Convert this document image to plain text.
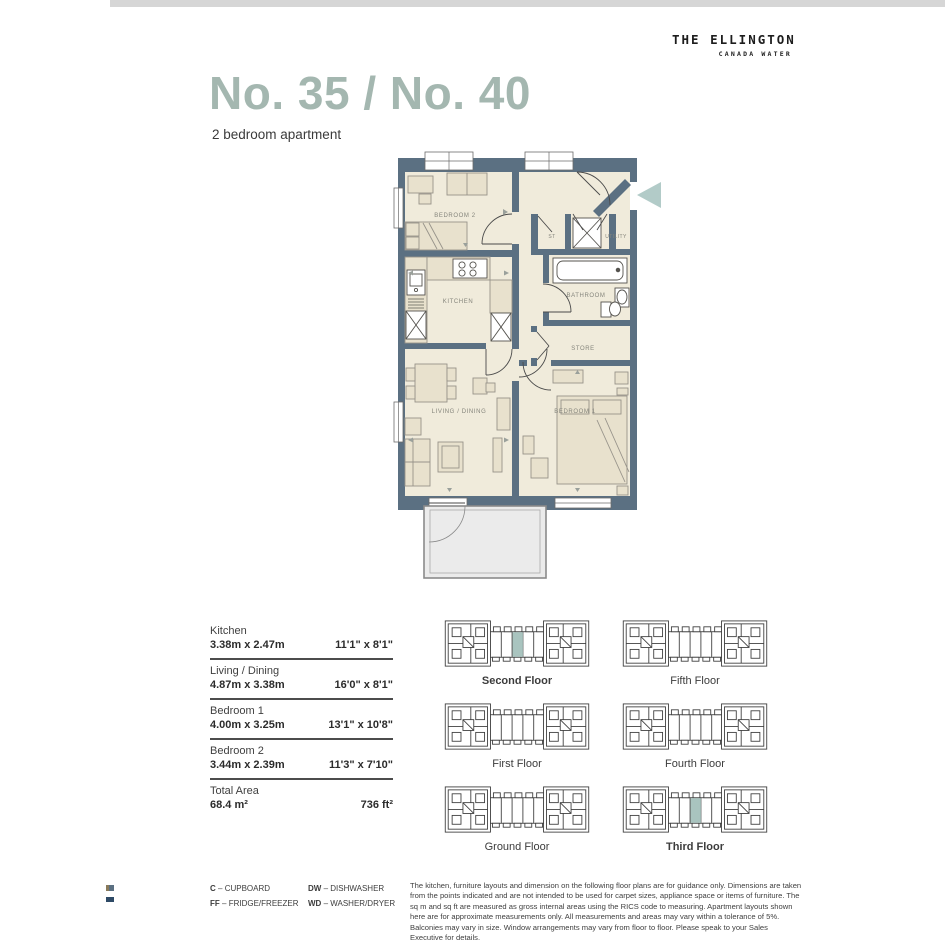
THE ELLINGTON
CANADA WATER
No. 35 / No. 40
2 bedroom apartment
BEDROOM 2
KITCHEN
ST	UTILITY
BATHROOM
STORE
LIVING / DINING	BEDROOM 1
Kitchen
3.38m x 2.47m	11'1" x 8'1"
Living / Dining
4.87m x 3.38m	16'0" x 8'1"
Bedroom 1
4.00m x 3.25m	13'1" x 10'8"
Bedroom 2
3.44m x 2.39m	11'3" x 7'10"
Total Area
68.4 m²	736 ft²
Second Floor	Fifth Floor
First Floor	Fourth Floor
Ground Floor	Third Floor
C – CUPBOARD
FF – FRIDGE/FREEZER
DW – DISHWASHER
WD – WASHER/DRYER
The kitchen, furniture layouts and dimension on the following floor plans are for guidance only. Dimensions are taken from the points indicated and are not intended to be used for carpet sizes, appliance space or items of furniture. The sq m and sq ft are measured as gross internal areas using the RICS code to measuring. Apartment layouts shown here are for approximate measurements only. All measurements and areas may vary within a tolerance of 5%. Balconies may vary in size. Window arrangements may vary from floor to floor. Please speak to your Sales Executive for details.
